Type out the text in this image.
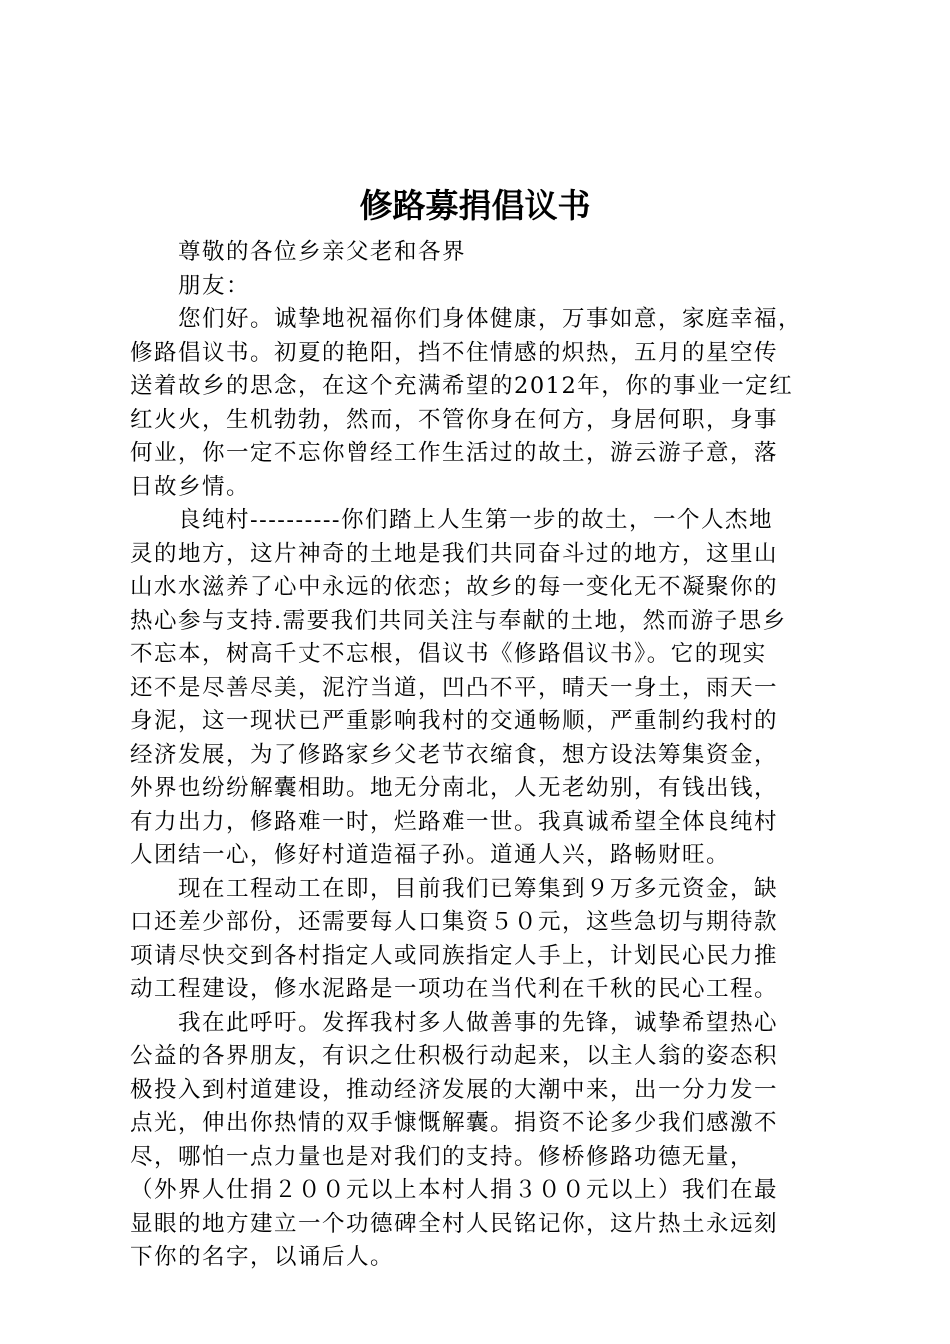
修路募捐倡议书
尊敬的各位乡亲父老和各界
朋友：
您们好。诚挚地祝福你们身体健康，万事如意，家庭幸福，
修路倡议书。初夏的艳阳，挡不住情感的炽热，五月的星空传
送着故乡的思念，在这个充满希望的2012年，你的事业一定红
红火火，生机勃勃，然而，不管你身在何方，身居何职，身事
何业，你一定不忘你曾经工作生活过的故土，游云游子意，落
日故乡情。
良纯村----------你们踏上人生第一步的故土，一个人杰地
灵的地方，这片神奇的土地是我们共同奋斗过的地方，这里山
山水水滋养了心中永远的依恋；故乡的每一变化无不凝聚你的
热心参与支持.需要我们共同关注与奉献的土地，然而游子思乡
不忘本，树高千丈不忘根，倡议书《修路倡议书》。它的现实
还不是尽善尽美，泥泞当道，凹凸不平，晴天一身土，雨天一
身泥，这一现状已严重影响我村的交通畅顺，严重制约我村的
经济发展，为了修路家乡父老节衣缩食，想方设法筹集资金，
外界也纷纷解囊相助。地无分南北，人无老幼别，有钱出钱，
有力出力，修路难一时，烂路难一世。我真诚希望全体良纯村
人团结一心，修好村道造福子孙。道通人兴，路畅财旺。
现在工程动工在即，目前我们已筹集到９万多元资金，缺
口还差少部份，还需要每人口集资５０元，这些急切与期待款
项请尽快交到各村指定人或同族指定人手上，计划民心民力推
动工程建设，修水泥路是一项功在当代利在千秋的民心工程。
我在此呼吁。发挥我村多人做善事的先锋，诚挚希望热心
公益的各界朋友，有识之仕积极行动起来，以主人翁的姿态积
极投入到村道建设，推动经济发展的大潮中来，出一分力发一
点光，伸出你热情的双手慷慨解囊。捐资不论多少我们感激不
尽，哪怕一点力量也是对我们的支持。修桥修路功德无量，
（外界人仕捐２００元以上本村人捐３００元以上）我们在最
显眼的地方建立一个功德碑全村人民铭记你，这片热土永远刻
下你的名字，以诵后人。
